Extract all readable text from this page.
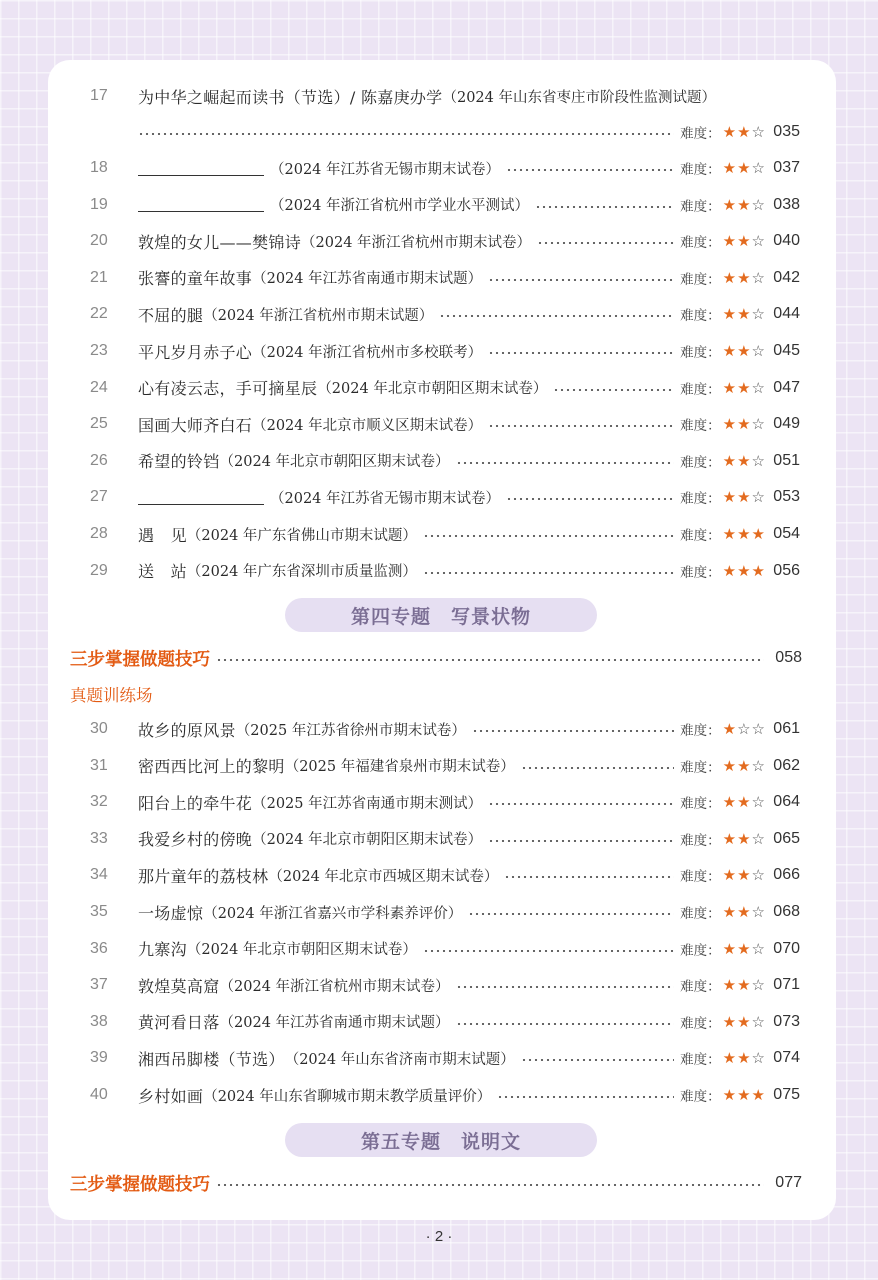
17	为中华之崛起而读书（节选）/ 陈嘉庚办学 （2024 年山东省枣庄市阶段性监测试题）
难度： ★★☆ 035
18	（2024 年江苏省无锡市期末试卷）	难度： ★★☆ 037
19	（2024 年浙江省杭州市学业水平测试）	难度： ★★☆ 038
20	敦煌的女儿——樊锦诗 （2024 年浙江省杭州市期末试卷）	难度： ★★☆ 040
21	张謇的童年故事 （2024 年江苏省南通市期末试题）	难度： ★★☆ 042
22	不屈的腿 （2024 年浙江省杭州市期末试题）	难度： ★★☆ 044
23	平凡岁月赤子心 （2024 年浙江省杭州市多校联考）	难度： ★★☆ 045
24	心有凌云志，手可摘星辰 （2024 年北京市朝阳区期末试卷）	难度： ★★☆ 047
25	国画大师齐白石 （2024 年北京市顺义区期末试卷）	难度： ★★☆ 049
26	希望的铃铛 （2024 年北京市朝阳区期末试卷）	难度： ★★☆ 051
27	（2024 年江苏省无锡市期末试卷）	难度： ★★☆ 053
28	遇　见 （2024 年广东省佛山市期末试题）	难度： ★★★ 054
29	送　站 （2024 年广东省深圳市质量监测）	难度： ★★★ 056
第四专题 写景状物
三步掌握做题技巧	058
真题训练场
30	故乡的原风景 （2025 年江苏省徐州市期末试卷）	难度： ★☆☆ 061
31	密西西比河上的黎明 （2025 年福建省泉州市期末试卷）	难度： ★★☆ 062
32	阳台上的牵牛花 （2025 年江苏省南通市期末测试）	难度： ★★☆ 064
33	我爱乡村的傍晚 （2024 年北京市朝阳区期末试卷）	难度： ★★☆ 065
34	那片童年的荔枝林 （2024 年北京市西城区期末试卷）	难度： ★★☆ 066
35	一场虚惊 （2024 年浙江省嘉兴市学科素养评价）	难度： ★★☆ 068
36	九寨沟 （2024 年北京市朝阳区期末试卷）	难度： ★★☆ 070
37	敦煌莫高窟 （2024 年浙江省杭州市期末试卷）	难度： ★★☆ 071
38	黄河看日落 （2024 年江苏省南通市期末试题）	难度： ★★☆ 073
39	湘西吊脚楼（节选） （2024 年山东省济南市期末试题）	难度： ★★☆ 074
40	乡村如画 （2024 年山东省聊城市期末教学质量评价）	难度： ★★★ 075
第五专题 说明文
三步掌握做题技巧	077
· 2 ·
